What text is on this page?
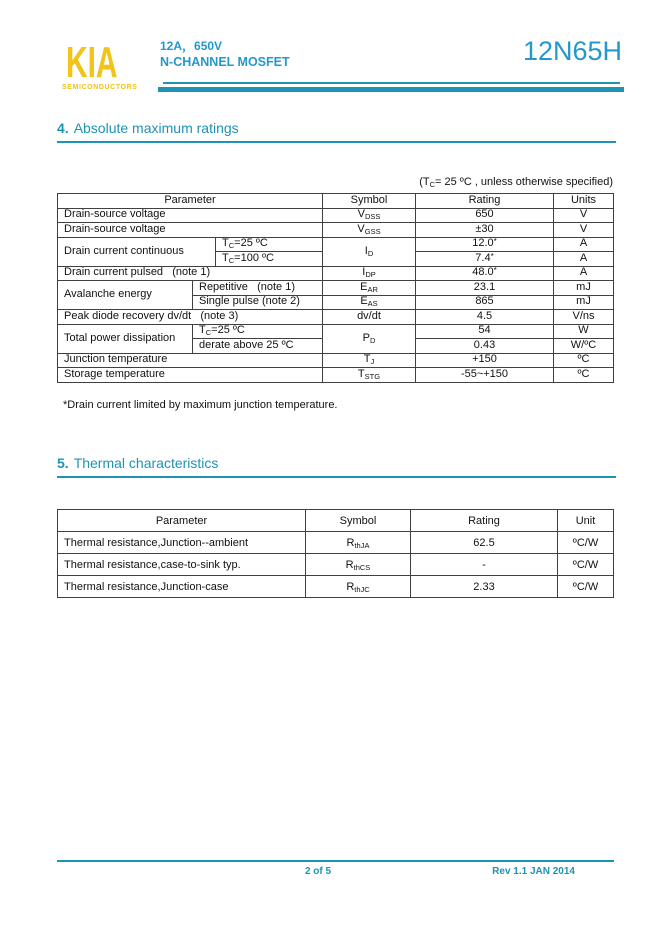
KIA
SEMICONDUCTORS
12A，650V
N-CHANNEL MOSFET	12N65H
4. Absolute maximum ratings
($T_C= 25$ ºC , unless otherwise specified)
Parameter			Symbol	Rating	Units
Drain-source voltage			$V_{DSS}$	650	V
Drain-source voltage			$V_{GSS}$	±30	V
Drain current continuous		$T_C=25$ ºC	$I_D$	12.0*	A
		$T_C=100$ ºC		7.4*	A
Drain current pulsed   (note 1)			$I_{DP}$	48.0*	A
Avalanche energy	Repetitive   (note 1)		$E_{AR}$	23.1	mJ
	Single pulse (note 2)		$E_{AS}$	865	mJ
Peak diode recovery dv/dt   (note 3)			dv/dt	4.5	V/ns
Total power dissipation	$T_C=25$ ºC		$P_D$	54	W
	derate above 25 ºC			0.43	W/ºC
Junction temperature			$T_J$	+150	ºC
Storage temperature			$T_{STG}$	-55~+150	ºC
*Drain current limited by maximum junction temperature.
5. Thermal characteristics
Parameter	Symbol	Rating	Unit
Thermal resistance,Junction--ambient	$R_{thJA}$	62.5	ºC/W
Thermal resistance,case-to-sink typ.	$R_{thCS}$	-	ºC/W
Thermal resistance,Junction-case	$R_{thJC}$	2.33	ºC/W
2 of 5	Rev 1.1 JAN 2014
